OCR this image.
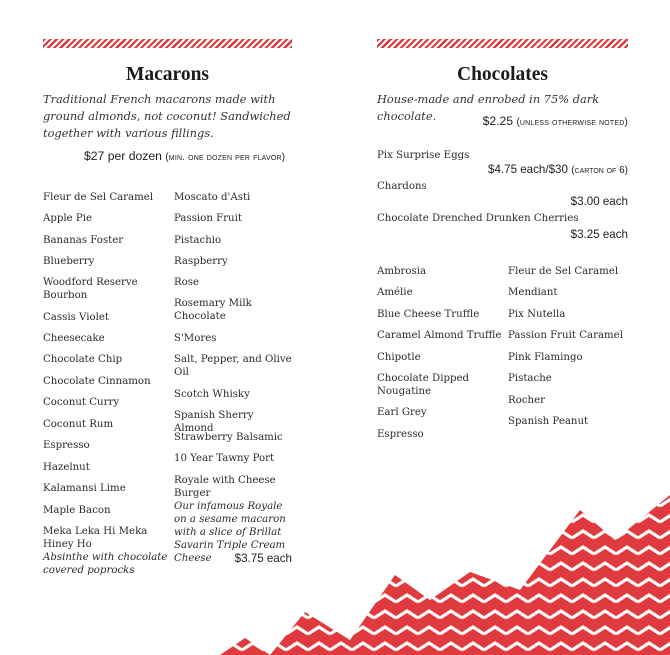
Macarons

Traditional French macarons made with ground almonds, not coconut! Sandwiched together with various fillings.

$27 per dozen (min. one dozen per flavor)

Fleur de Sel Caramel
Apple Pie
Bananas Foster
Blueberry
Woodford Reserve Bourbon
Cassis Violet
Cheesecake
Chocolate Chip
Chocolate Cinnamon
Coconut Curry
Coconut Rum
Espresso
Hazelnut
Kalamansi Lime
Maple Bacon
Meka Leka Hi Meka Hiney Ho
Absinthe with chocolate covered poprocks
Moscato d'Asti
Passion Fruit
Pistachio
Raspberry
Rose
Rosemary Milk Chocolate
S'Mores
Salt, Pepper, and Olive Oil
Scotch Whisky
Spanish Sherry Almond
Strawberry Balsamic
10 Year Tawny Port
Royale with Cheese Burger
Our infamous Royale on a sesame macaron with a slice of Brillat Savarin Triple Cream Cheese	$3.75 each
Chocolates

House-made and enrobed in 75% dark chocolate.	$2.25 (unless otherwise noted)

Pix Surprise Eggs
$4.75 each/$30 (carton of 6)
Chardons
$3.00 each
Chocolate Drenched Drunken Cherries
$3.25 each
Ambrosia
Amélie
Blue Cheese Truffle
Caramel Almond Truffle
Chipotle
Chocolate Dipped Nougatine
Earl Grey
Espresso
Fleur de Sel Caramel
Mendiant
Pix Nutella
Passion Fruit Caramel
Pink Flamingo
Pistache
Rocher
Spanish Peanut
